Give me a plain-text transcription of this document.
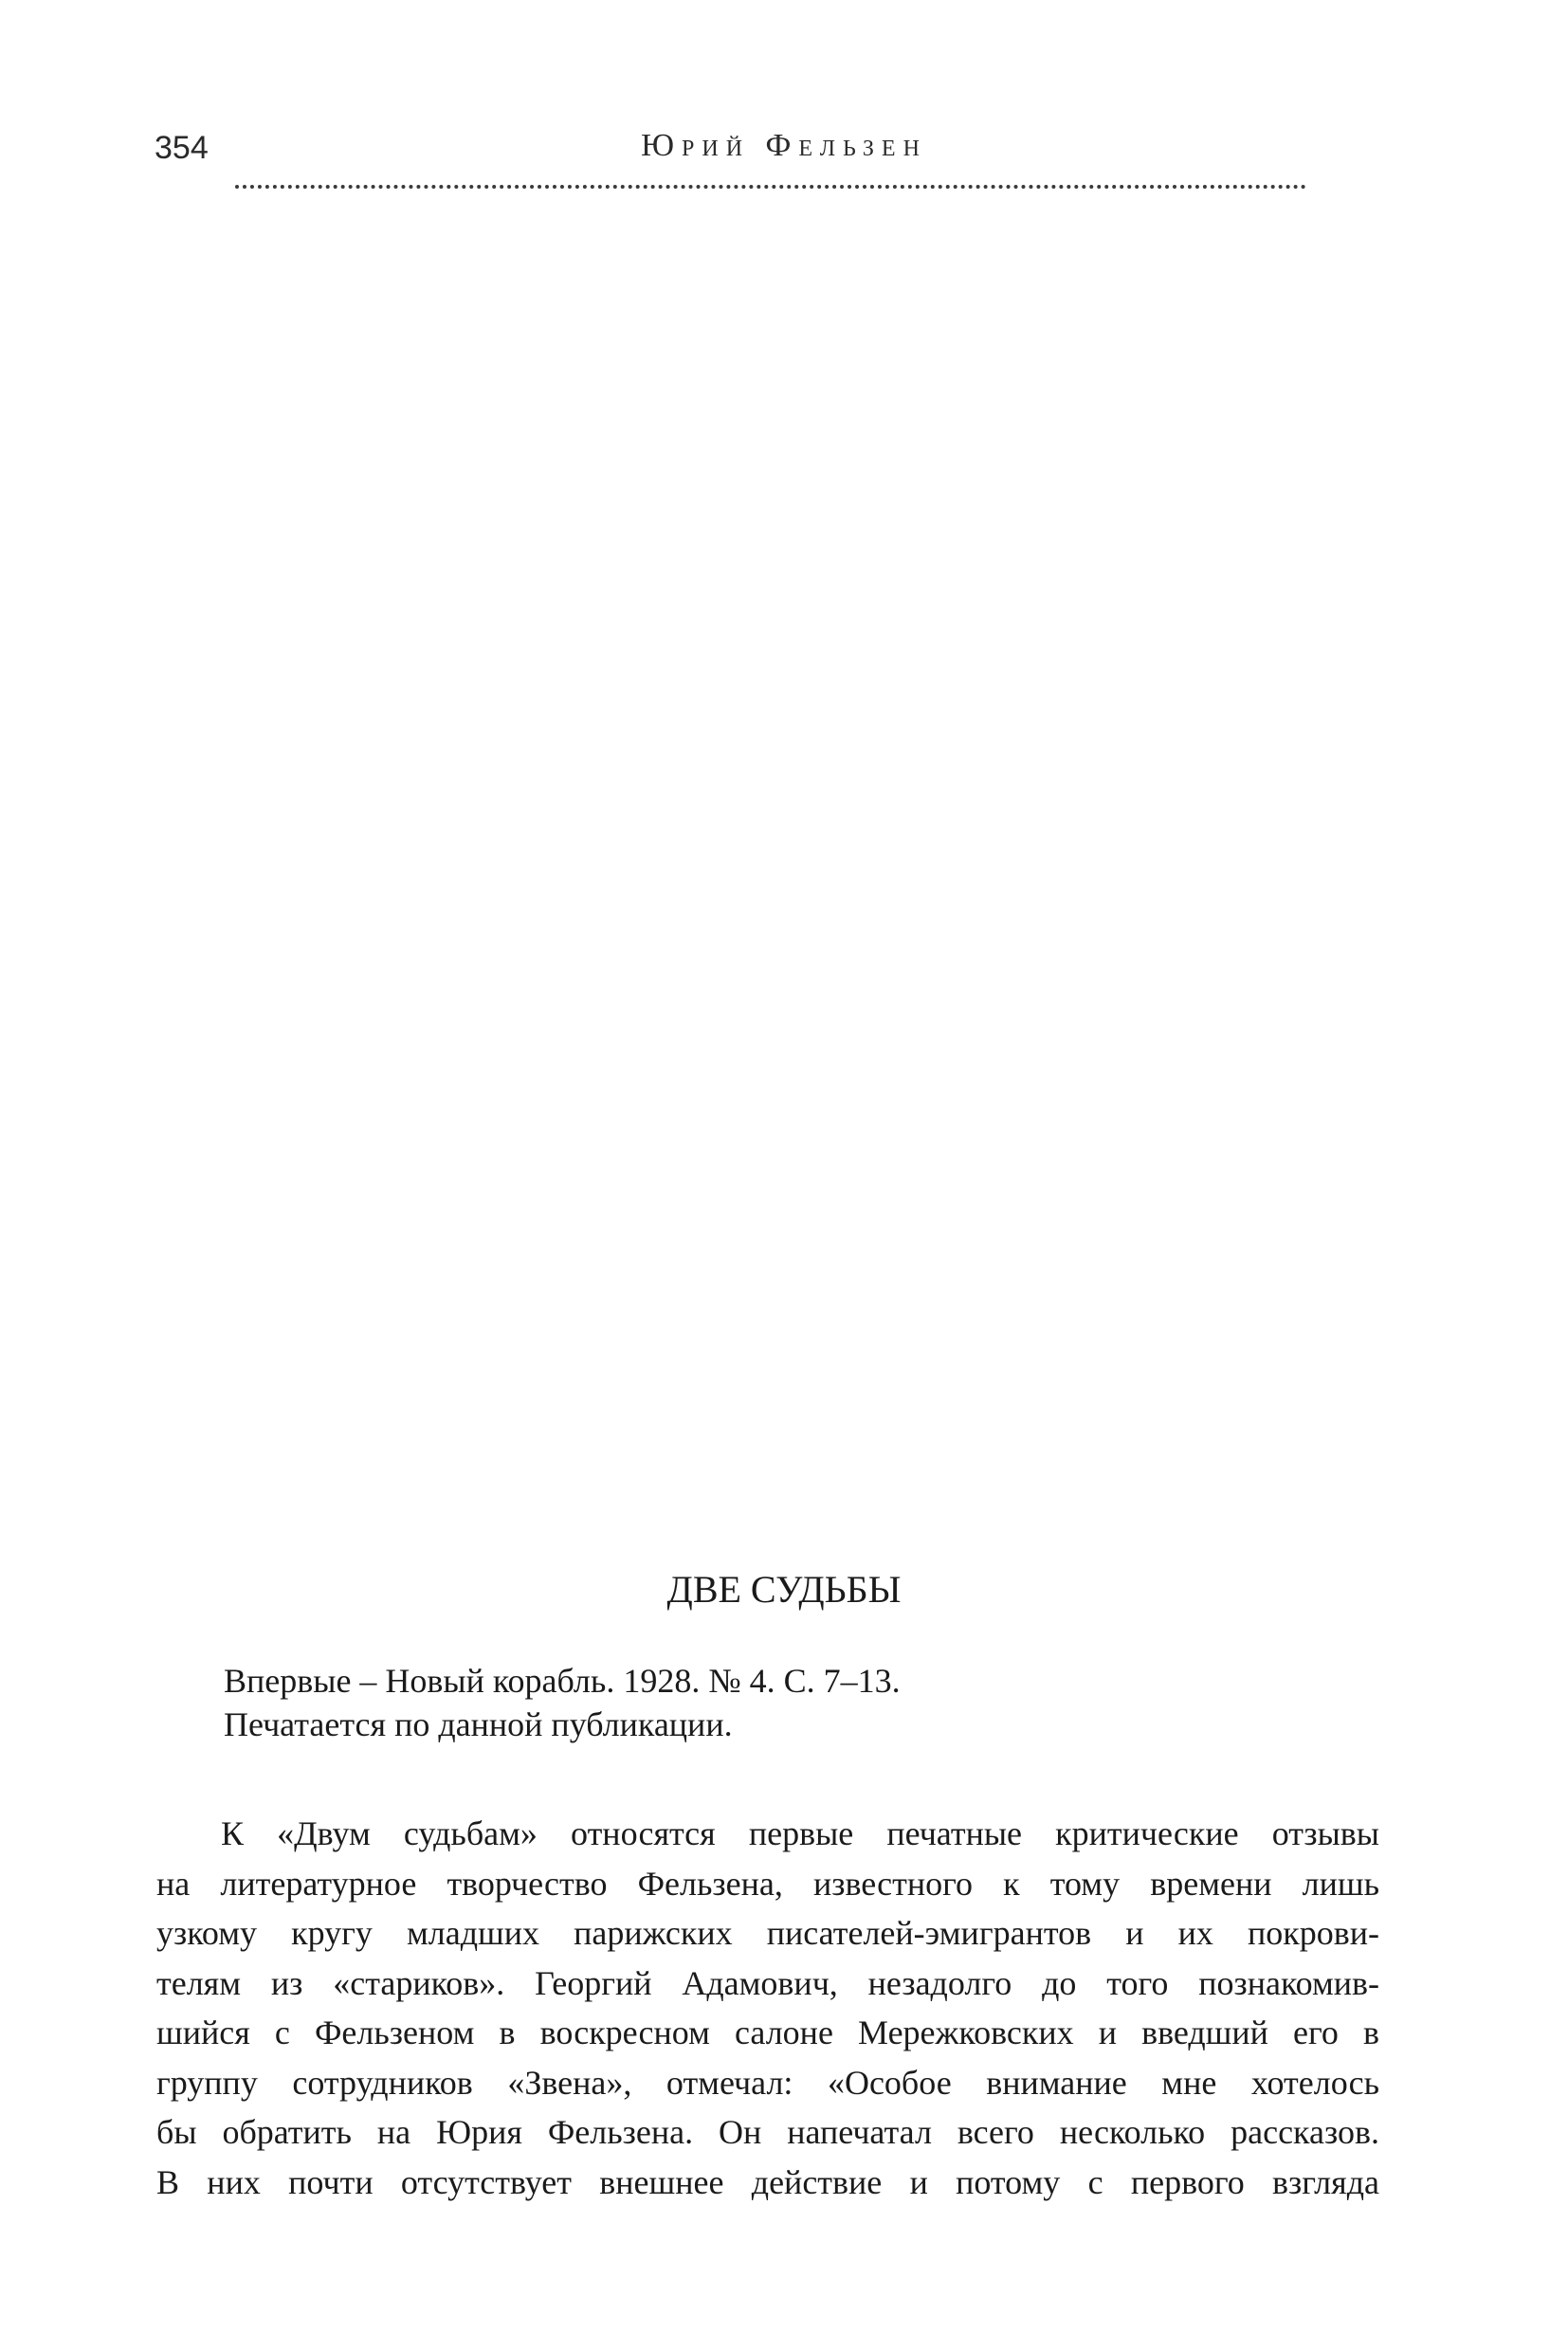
354	Юрий Фельзен
ДВЕ СУДЬБЫ

Впервые – Новый корабль. 1928. № 4. С. 7–13.

Печатается по данной публикации.

К «Двум судьбам» относятся первые печатные критические отзывы
на литературное творчество Фельзена, известного к тому времени лишь
узкому кругу младших парижских писателей-эмигрантов и их покрови-
телям из «стариков». Георгий Адамович, незадолго до того познакомив-
шийся с Фельзеном в воскресном салоне Мережковских и введший его в
группу сотрудников «Звена», отмечал: «Особое внимание мне хотелось
бы обратить на Юрия Фельзена. Он напечатал всего несколько рассказов.
В них почти отсутствует внешнее действие и потому с первого взгляда
